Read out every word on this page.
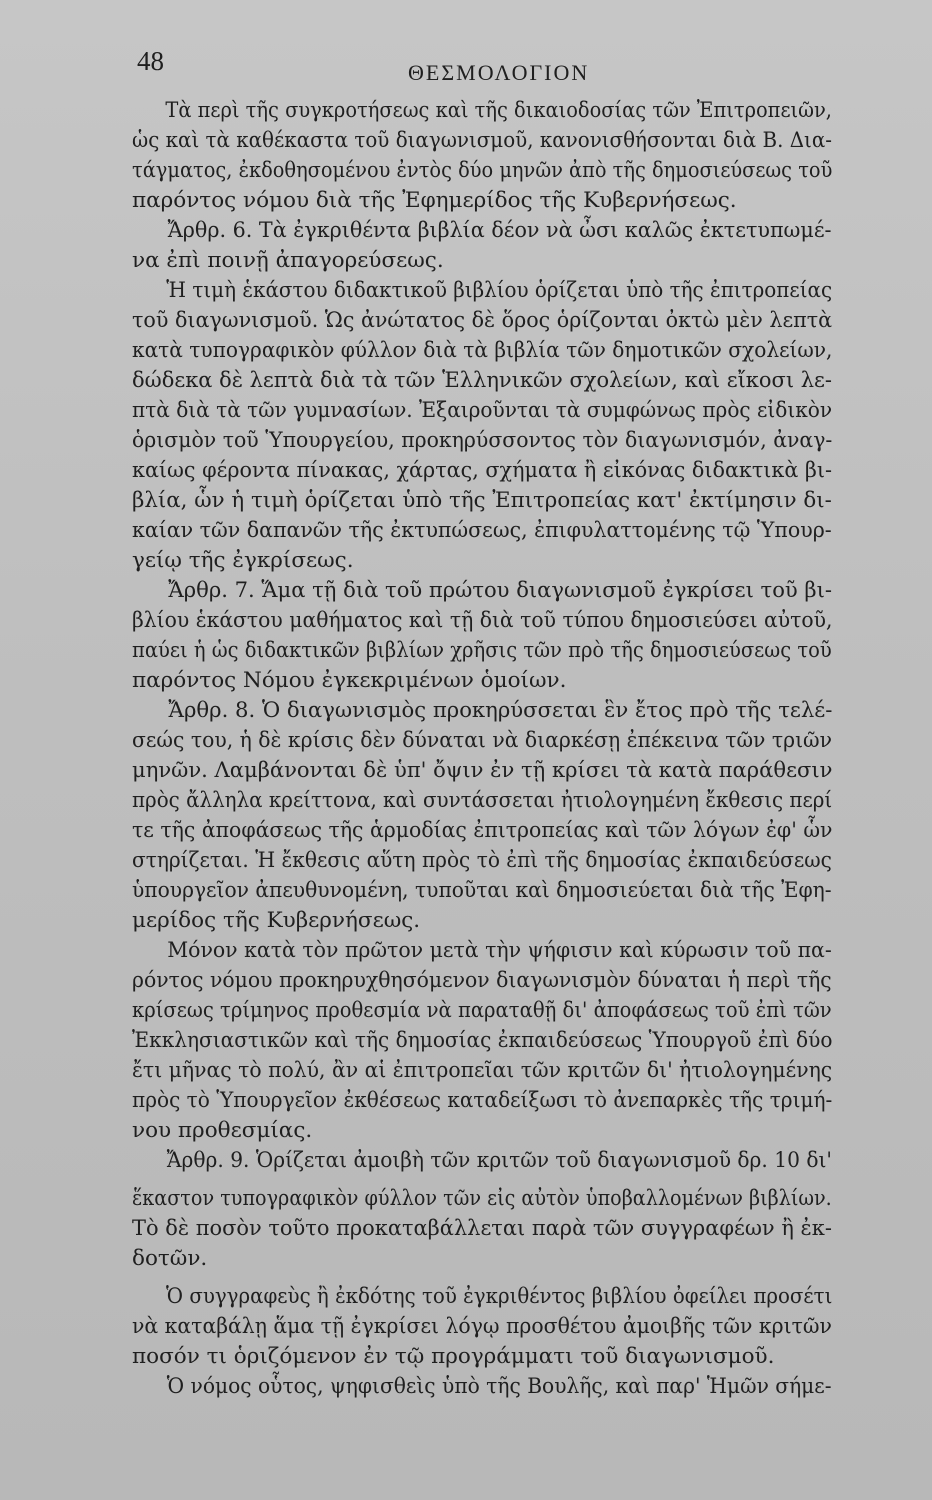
48	ΘΕΣΜΟΛΟΓΙΟΝ
Τὰ περὶ τῆς συγκροτήσεως καὶ τῆς δικαιοδοσίας τῶν Ἐπιτροπειῶν,
ὡς καὶ τὰ καθέκαστα τοῦ διαγωνισμοῦ, κανονισθήσονται διὰ Β. Δια-
τάγματος, ἐκδοθησομένου ἐντὸς δύο μηνῶν ἀπὸ τῆς δημοσιεύσεως τοῦ
παρόντος νόμου διὰ τῆς Ἐφημερίδος τῆς Κυβερνήσεως.
Ἄρθρ. 6. Τὰ ἐγκριθέντα βιβλία δέον νὰ ὦσι καλῶς ἐκτετυπωμέ-
να ἐπὶ ποινῇ ἀπαγορεύσεως.
Ἡ τιμὴ ἑκάστου διδακτικοῦ βιβλίου ὁρίζεται ὑπὸ τῆς ἐπιτροπείας
τοῦ διαγωνισμοῦ. Ὡς ἀνώτατος δὲ ὅρος ὁρίζονται ὀκτὼ μὲν λεπτὰ
κατὰ τυπογραφικὸν φύλλον διὰ τὰ βιβλία τῶν δημοτικῶν σχολείων,
δώδεκα δὲ λεπτὰ διὰ τὰ τῶν Ἑλληνικῶν σχολείων, καὶ εἴκοσι λε-
πτὰ διὰ τὰ τῶν γυμνασίων. Ἐξαιροῦνται τὰ συμφώνως πρὸς εἰδικὸν
ὁρισμὸν τοῦ Ὑπουργείου, προκηρύσσοντος τὸν διαγωνισμόν, ἀναγ-
καίως φέροντα πίνακας, χάρτας, σχήματα ἢ εἰκόνας διδακτικὰ βι-
βλία, ὧν ἡ τιμὴ ὁρίζεται ὑπὸ τῆς Ἐπιτροπείας κατ' ἐκτίμησιν δι-
καίαν τῶν δαπανῶν τῆς ἐκτυπώσεως, ἐπιφυλαττομένης τῷ Ὑπουρ-
γείῳ τῆς ἐγκρίσεως.
Ἄρθρ. 7. Ἅμα τῇ διὰ τοῦ πρώτου διαγωνισμοῦ ἐγκρίσει τοῦ βι-
βλίου ἑκάστου μαθήματος καὶ τῇ διὰ τοῦ τύπου δημοσιεύσει αὐτοῦ,
παύει ἡ ὡς διδακτικῶν βιβλίων χρῆσις τῶν πρὸ τῆς δημοσιεύσεως τοῦ
παρόντος Νόμου ἐγκεκριμένων ὁμοίων.
Ἄρθρ. 8. Ὁ διαγωνισμὸς προκηρύσσεται ἓν ἔτος πρὸ τῆς τελέ-
σεώς του, ἡ δὲ κρίσις δὲν δύναται νὰ διαρκέσῃ ἐπέκεινα τῶν τριῶν
μηνῶν. Λαμβάνονται δὲ ὑπ' ὄψιν ἐν τῇ κρίσει τὰ κατὰ παράθεσιν
πρὸς ἄλληλα κρείττονα, καὶ συντάσσεται ἠτιολογημένη ἔκθεσις περί
τε τῆς ἀποφάσεως τῆς ἁρμοδίας ἐπιτροπείας καὶ τῶν λόγων ἐφ' ὧν
στηρίζεται. Ἡ ἔκθεσις αὕτη πρὸς τὸ ἐπὶ τῆς δημοσίας ἐκπαιδεύσεως
ὑπουργεῖον ἀπευθυνομένη, τυποῦται καὶ δημοσιεύεται διὰ τῆς Ἐφη-
μερίδος τῆς Κυβερνήσεως.
Μόνον κατὰ τὸν πρῶτον μετὰ τὴν ψήφισιν καὶ κύρωσιν τοῦ πα-
ρόντος νόμου προκηρυχθησόμενον διαγωνισμὸν δύναται ἡ περὶ τῆς
κρίσεως τρίμηνος προθεσμία νὰ παραταθῇ δι' ἀποφάσεως τοῦ ἐπὶ τῶν
Ἐκκλησιαστικῶν καὶ τῆς δημοσίας ἐκπαιδεύσεως Ὑπουργοῦ ἐπὶ δύο
ἔτι μῆνας τὸ πολύ, ἂν αἱ ἐπιτροπεῖαι τῶν κριτῶν δι' ἠτιολογημένης
πρὸς τὸ Ὑπουργεῖον ἐκθέσεως καταδείξωσι τὸ ἀνεπαρκὲς τῆς τριμή-
νου προθεσμίας.
Ἄρθρ. 9. Ὁρίζεται ἀμοιβὴ τῶν κριτῶν τοῦ διαγωνισμοῦ δρ. 10 δι'
ἕκαστον τυπογραφικὸν φύλλον τῶν εἰς αὐτὸν ὑποβαλλομένων βιβλίων.
Τὸ δὲ ποσὸν τοῦτο προκαταβάλλεται παρὰ τῶν συγγραφέων ἢ ἐκ-
δοτῶν.
Ὁ συγγραφεὺς ἢ ἐκδότης τοῦ ἐγκριθέντος βιβλίου ὀφείλει προσέτι
νὰ καταβάλῃ ἅμα τῇ ἐγκρίσει λόγῳ προσθέτου ἀμοιβῆς τῶν κριτῶν
ποσόν τι ὁριζόμενον ἐν τῷ προγράμματι τοῦ διαγωνισμοῦ.
Ὁ νόμος οὗτος, ψηφισθεὶς ὑπὸ τῆς Βουλῆς, καὶ παρ' Ἡμῶν σήμε-
